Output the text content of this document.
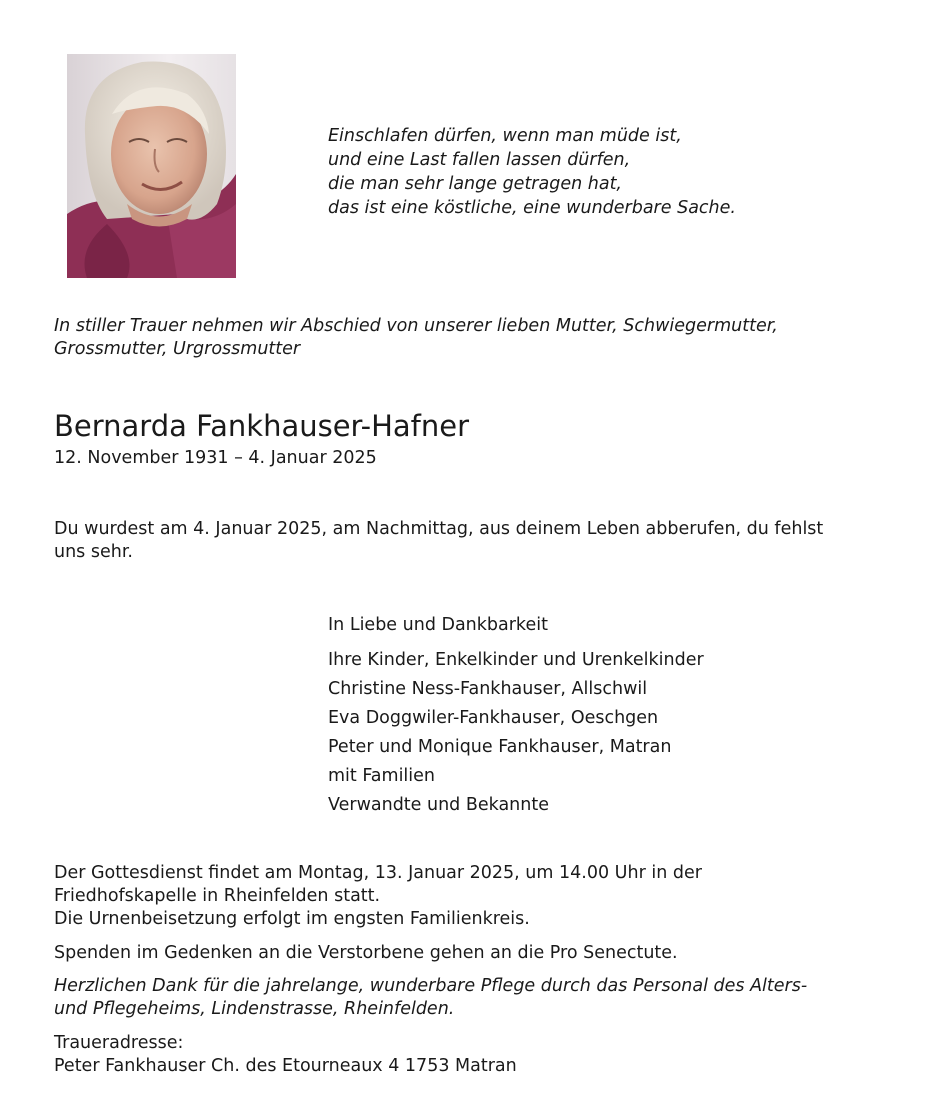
Einschlafen dürfen, wenn man müde ist,
und eine Last fallen lassen dürfen,
die man sehr lange getragen hat,
das ist eine köstliche, eine wunderbare Sache.
In stiller Trauer nehmen wir Abschied von unserer lieben Mutter, Schwiegermutter,
Grossmutter, Urgrossmutter
Bernarda Fankhauser-Hafner
12. November 1931 – 4. Januar 2025
Du wurdest am 4. Januar 2025, am Nachmittag, aus deinem Leben abberufen, du fehlst
uns sehr.
In Liebe und Dankbarkeit
Ihre Kinder, Enkelkinder und Urenkelkinder
Christine Ness-Fankhauser, Allschwil
Eva Doggwiler-Fankhauser, Oeschgen
Peter und Monique Fankhauser, Matran
mit Familien
Verwandte und Bekannte
Der Gottesdienst findet am Montag, 13. Januar 2025, um 14.00 Uhr in der
Friedhofskapelle in Rheinfelden statt.
Die Urnenbeisetzung erfolgt im engsten Familienkreis.
Spenden im Gedenken an die Verstorbene gehen an die Pro Senectute.
Herzlichen Dank für die jahrelange, wunderbare Pflege durch das Personal des Alters-
und Pflegeheims, Lindenstrasse, Rheinfelden.
Traueradresse:
Peter Fankhauser Ch. des Etourneaux 4 1753 Matran
